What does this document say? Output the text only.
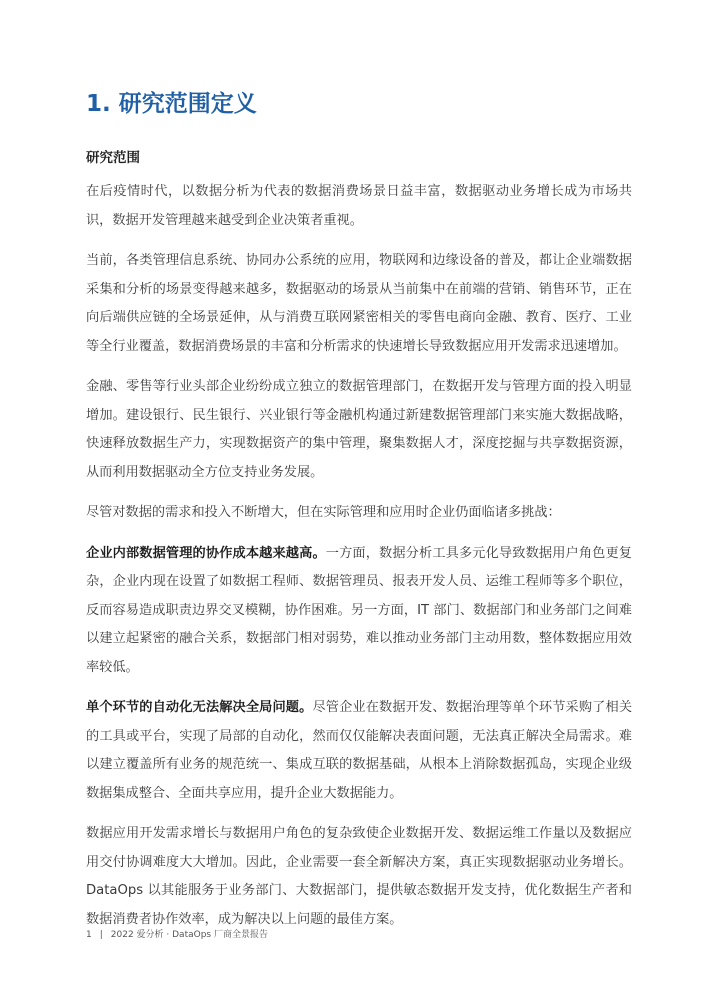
1. 研究范围定义
研究范围

在后疫情时代，以数据分析为代表的数据消费场景日益丰富，数据驱动业务增长成为市场共识，数据开发管理越来越受到企业决策者重视。

当前，各类管理信息系统、协同办公系统的应用，物联网和边缘设备的普及，都让企业端数据采集和分析的场景变得越来越多，数据驱动的场景从当前集中在前端的营销、销售环节，正在向后端供应链的全场景延伸，从与消费互联网紧密相关的零售电商向金融、教育、医疗、工业等全行业覆盖，数据消费场景的丰富和分析需求的快速增长导致数据应用开发需求迅速增加。

金融、零售等行业头部企业纷纷成立独立的数据管理部门，在数据开发与管理方面的投入明显增加。建设银行、民生银行、兴业银行等金融机构通过新建数据管理部门来实施大数据战略，快速释放数据生产力，实现数据资产的集中管理，聚集数据人才，深度挖掘与共享数据资源，从而利用数据驱动全方位支持业务发展。

尽管对数据的需求和投入不断增大，但在实际管理和应用时企业仍面临诸多挑战：

企业内部数据管理的协作成本越来越高。一方面，数据分析工具多元化导致数据用户角色更复杂，企业内现在设置了如数据工程师、数据管理员、报表开发人员、运维工程师等多个职位，反而容易造成职责边界交叉模糊，协作困难。另一方面，IT 部门、数据部门和业务部门之间难以建立起紧密的融合关系，数据部门相对弱势，难以推动业务部门主动用数，整体数据应用效率较低。

单个环节的自动化无法解决全局问题。尽管企业在数据开发、数据治理等单个环节采购了相关的工具或平台，实现了局部的自动化，然而仅仅能解决表面问题，无法真正解决全局需求。难以建立覆盖所有业务的规范统一、集成互联的数据基础，从根本上消除数据孤岛，实现企业级数据集成整合、全面共享应用，提升企业大数据能力。

数据应用开发需求增长与数据用户角色的复杂致使企业数据开发、数据运维工作量以及数据应用交付协调难度大大增加。因此，企业需要一套全新解决方案，真正实现数据驱动业务增长。DataOps 以其能服务于业务部门、大数据部门，提供敏态数据开发支持，优化数据生产者和数据消费者协作效率，成为解决以上问题的最佳方案。

1 | 2022 爱分析 · DataOps 厂商全景报告
